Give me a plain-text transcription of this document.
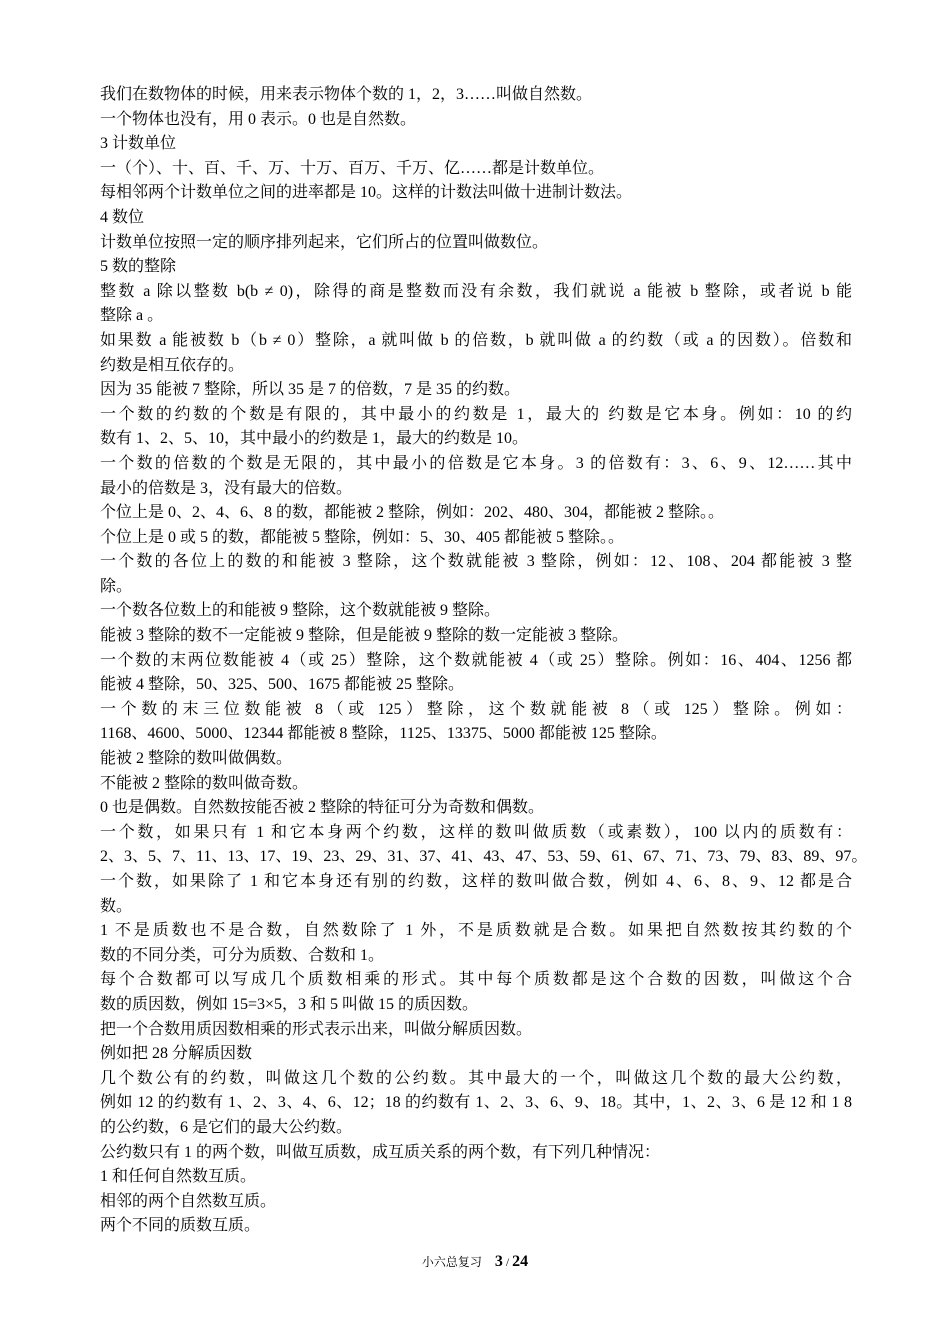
我们在数物体的时候，用来表示物体个数的 1，2，3……叫做自然数。
一个物体也没有，用 0 表示。0 也是自然数。
3 计数单位
一（个）、十、百、千、万、十万、百万、千万、亿……都是计数单位。
每相邻两个计数单位之间的进率都是 10。这样的计数法叫做十进制计数法。
4 数位
计数单位按照一定的顺序排列起来，它们所占的位置叫做数位。
5 数的整除
整数 a 除以整数 b(b ≠ 0)，除得的商是整数而没有余数，我们就说 a 能被 b 整除，或者说 b 能
整除 a 。
如果数 a 能被数 b（b ≠ 0）整除，a 就叫做 b 的倍数，b 就叫做 a 的约数（或 a 的因数）。倍数和
约数是相互依存的。
因为 35 能被 7 整除，所以 35 是 7 的倍数，7 是 35 的约数。
一个数的约数的个数是有限的，其中最小的约数是 1，最大的 约数是它本身。例如：10 的约
数有 1、2、5、10，其中最小的约数是 1，最大的约数是 10。
一个数的倍数的个数是无限的，其中最小的倍数是它本身。3 的倍数有：3、6、9、12……其中
最小的倍数是 3，没有最大的倍数。
个位上是 0、2、4、6、8 的数，都能被 2 整除，例如：202、480、304，都能被 2 整除。。
个位上是 0 或 5 的数，都能被 5 整除，例如：5、30、405 都能被 5 整除。。
一个数的各位上的数的和能被 3 整除，这个数就能被 3 整除，例如：12、108、204 都能被 3 整
除。
一个数各位数上的和能被 9 整除，这个数就能被 9 整除。
能被 3 整除的数不一定能被 9 整除，但是能被 9 整除的数一定能被 3 整除。
一个数的末两位数能被 4（或 25）整除，这个数就能被 4（或 25）整除。例如：16、404、1256 都
能被 4 整除，50、325、500、1675 都能被 25 整除。
一个数的末三位数能被 8（或 125）整除，这个数就能被 8（或 125）整除。例如：
1168、4600、5000、12344 都能被 8 整除，1125、13375、5000 都能被 125 整除。
能被 2 整除的数叫做偶数。
不能被 2 整除的数叫做奇数。
0 也是偶数。自然数按能否被 2 整除的特征可分为奇数和偶数。
一个数，如果只有 1 和它本身两个约数，这样的数叫做质数（或素数），100 以内的质数有：
2、3、5、7、11、13、17、19、23、29、31、37、41、43、47、53、59、61、67、71、73、79、83、89、97。
一个数，如果除了 1 和它本身还有别的约数，这样的数叫做合数，例如 4、6、8、9、12 都是合
数。
1 不是质数也不是合数，自然数除了 1 外，不是质数就是合数。如果把自然数按其约数的个
数的不同分类，可分为质数、合数和 1。
每个合数都可以写成几个质数相乘的形式。其中每个质数都是这个合数的因数，叫做这个合
数的质因数，例如 15=3×5，3 和 5 叫做 15 的质因数。
把一个合数用质因数相乘的形式表示出来，叫做分解质因数。
例如把 28 分解质因数
几个数公有的约数，叫做这几个数的公约数。其中最大的一个，叫做这几个数的最大公约数，
例如 12 的约数有 1、2、3、4、6、12；18 的约数有 1、2、3、6、9、18。其中，1、2、3、6 是 12 和 1 8
的公约数，6 是它们的最大公约数。
公约数只有 1 的两个数，叫做互质数，成互质关系的两个数，有下列几种情况：
1 和任何自然数互质。
相邻的两个自然数互质。
两个不同的质数互质。
小六总复习 3 / 24
